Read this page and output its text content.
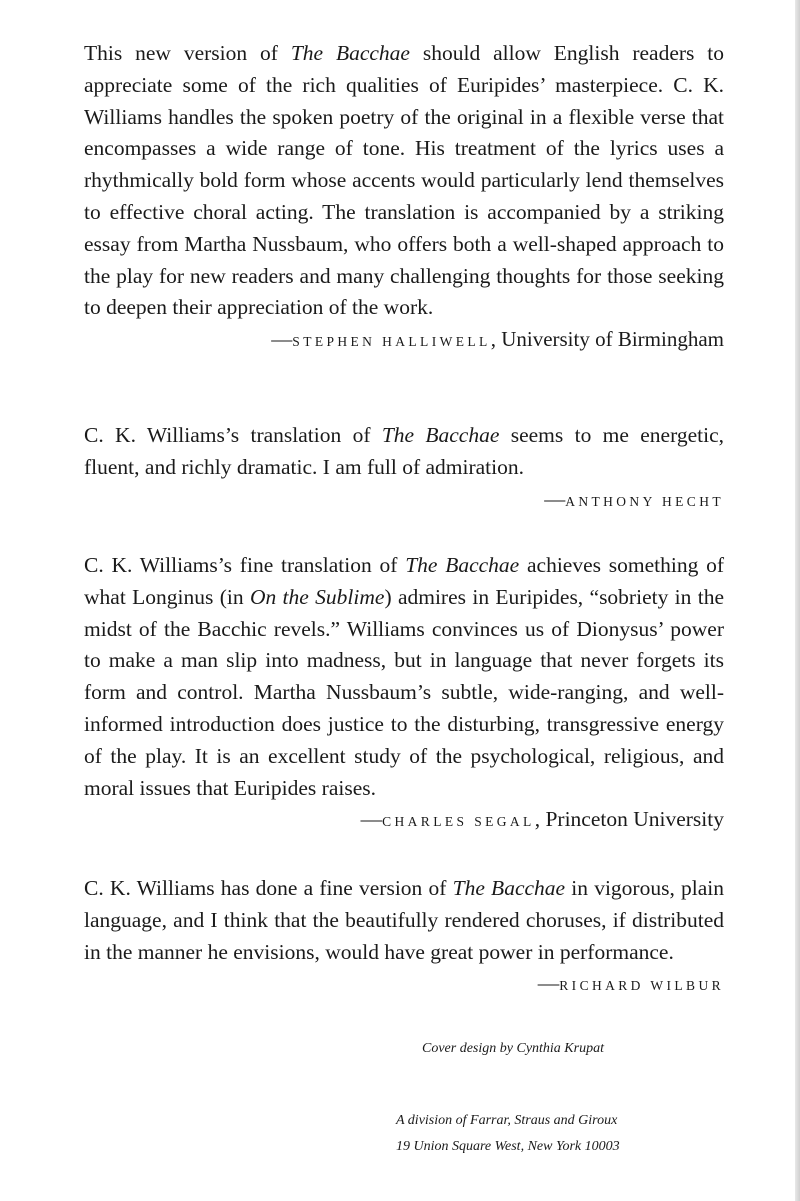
This new version of The Bacchae should allow English readers to appreciate some of the rich qualities of Euripides’ masterpiece. C. K. Williams handles the spoken poetry of the original in a flexible verse that encompasses a wide range of tone. His treatment of the lyrics uses a rhythmically bold form whose accents would particularly lend themselves to effective choral acting. The translation is accompanied by a striking essay from Martha Nussbaum, who offers both a well-shaped approach to the play for new readers and many challenging thoughts for those seeking to deepen their appreciation of the work.

—STEPHEN HALLIWELL, University of Birmingham

C. K. Williams’s translation of The Bacchae seems to me energetic, fluent, and richly dramatic. I am full of admiration.

—ANTHONY HECHT

C. K. Williams’s fine translation of The Bacchae achieves something of what Longinus (in On the Sublime) admires in Euripides, “sobriety in the midst of the Bacchic revels.” Williams convinces us of Dionysus’ power to make a man slip into madness, but in language that never forgets its form and control. Martha Nussbaum’s subtle, wide-ranging, and well-informed introduction does justice to the disturbing, transgressive energy of the play. It is an excellent study of the psychological, religious, and moral issues that Euripides raises.
—CHARLES SEGAL, Princeton University

C. K. Williams has done a fine version of The Bacchae in vigorous, plain language, and I think that the beautifully rendered choruses, if distributed in the manner he envisions, would have great power in performance.
—RICHARD WILBUR

Cover design by Cynthia Krupat
A division of Farrar, Straus and Giroux
19 Union Square West, New York 10003
